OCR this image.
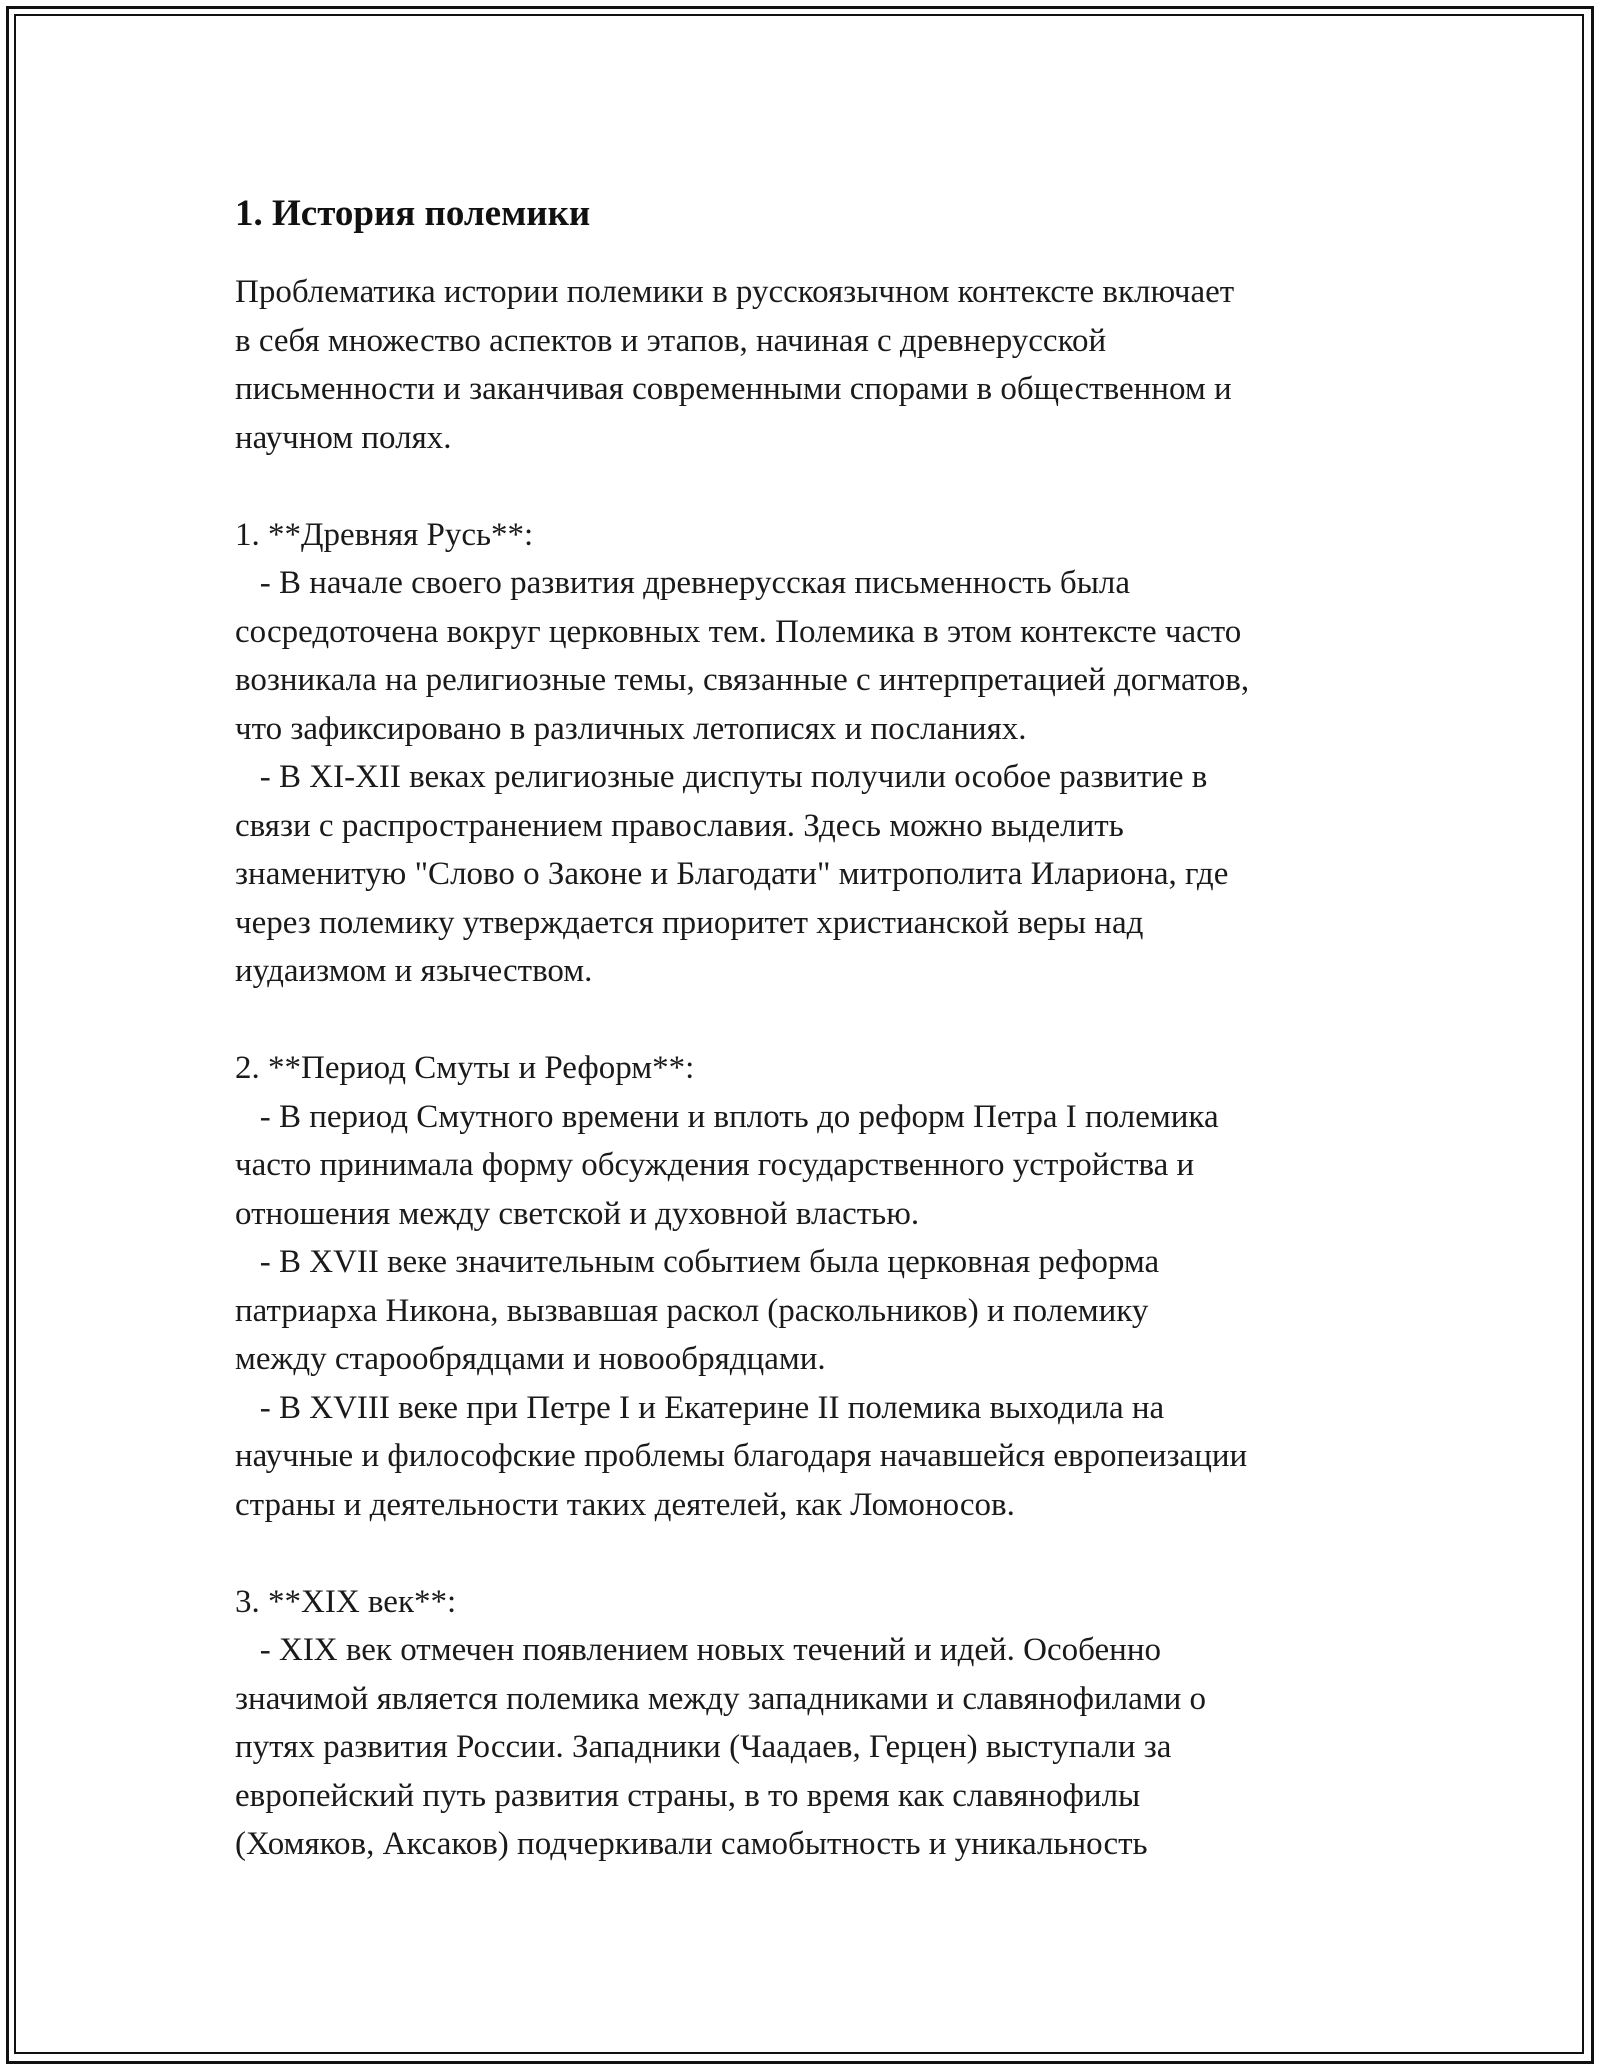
1. История полемики

Проблематика истории полемики в русскоязычном контексте включает
в себя множество аспектов и этапов, начиная с древнерусской
письменности и заканчивая современными спорами в общественном и
научном полях.

1. **Древняя Русь**:

- В начале своего развития древнерусская письменность была
сосредоточена вокруг церковных тем. Полемика в этом контексте часто
возникала на религиозные темы, связанные с интерпретацией догматов,
что зафиксировано в различных летописях и посланиях.

- В XI-XII веках религиозные диспуты получили особое развитие в
связи с распространением православия. Здесь можно выделить
знаменитую "Слово о Законе и Благодати" митрополита Илариона, где
через полемику утверждается приоритет христианской веры над
иудаизмом и язычеством.

2. **Период Смуты и Реформ**:

- В период Смутного времени и вплоть до реформ Петра I полемика
часто принимала форму обсуждения государственного устройства и
отношения между светской и духовной властью.

- В XVII веке значительным событием была церковная реформа
патриарха Никона, вызвавшая раскол (раскольников) и полемику
между старообрядцами и новообрядцами.

- В XVIII веке при Петре I и Екатерине II полемика выходила на
научные и философские проблемы благодаря начавшейся европеизации
страны и деятельности таких деятелей, как Ломоносов.

3. **XIX век**:

- XIX век отмечен появлением новых течений и идей. Особенно
значимой является полемика между западниками и славянофилами о
путях развития России. Западники (Чаадаев, Герцен) выступали за
европейский путь развития страны, в то время как славянофилы
(Хомяков, Аксаков) подчеркивали самобытность и уникальность
